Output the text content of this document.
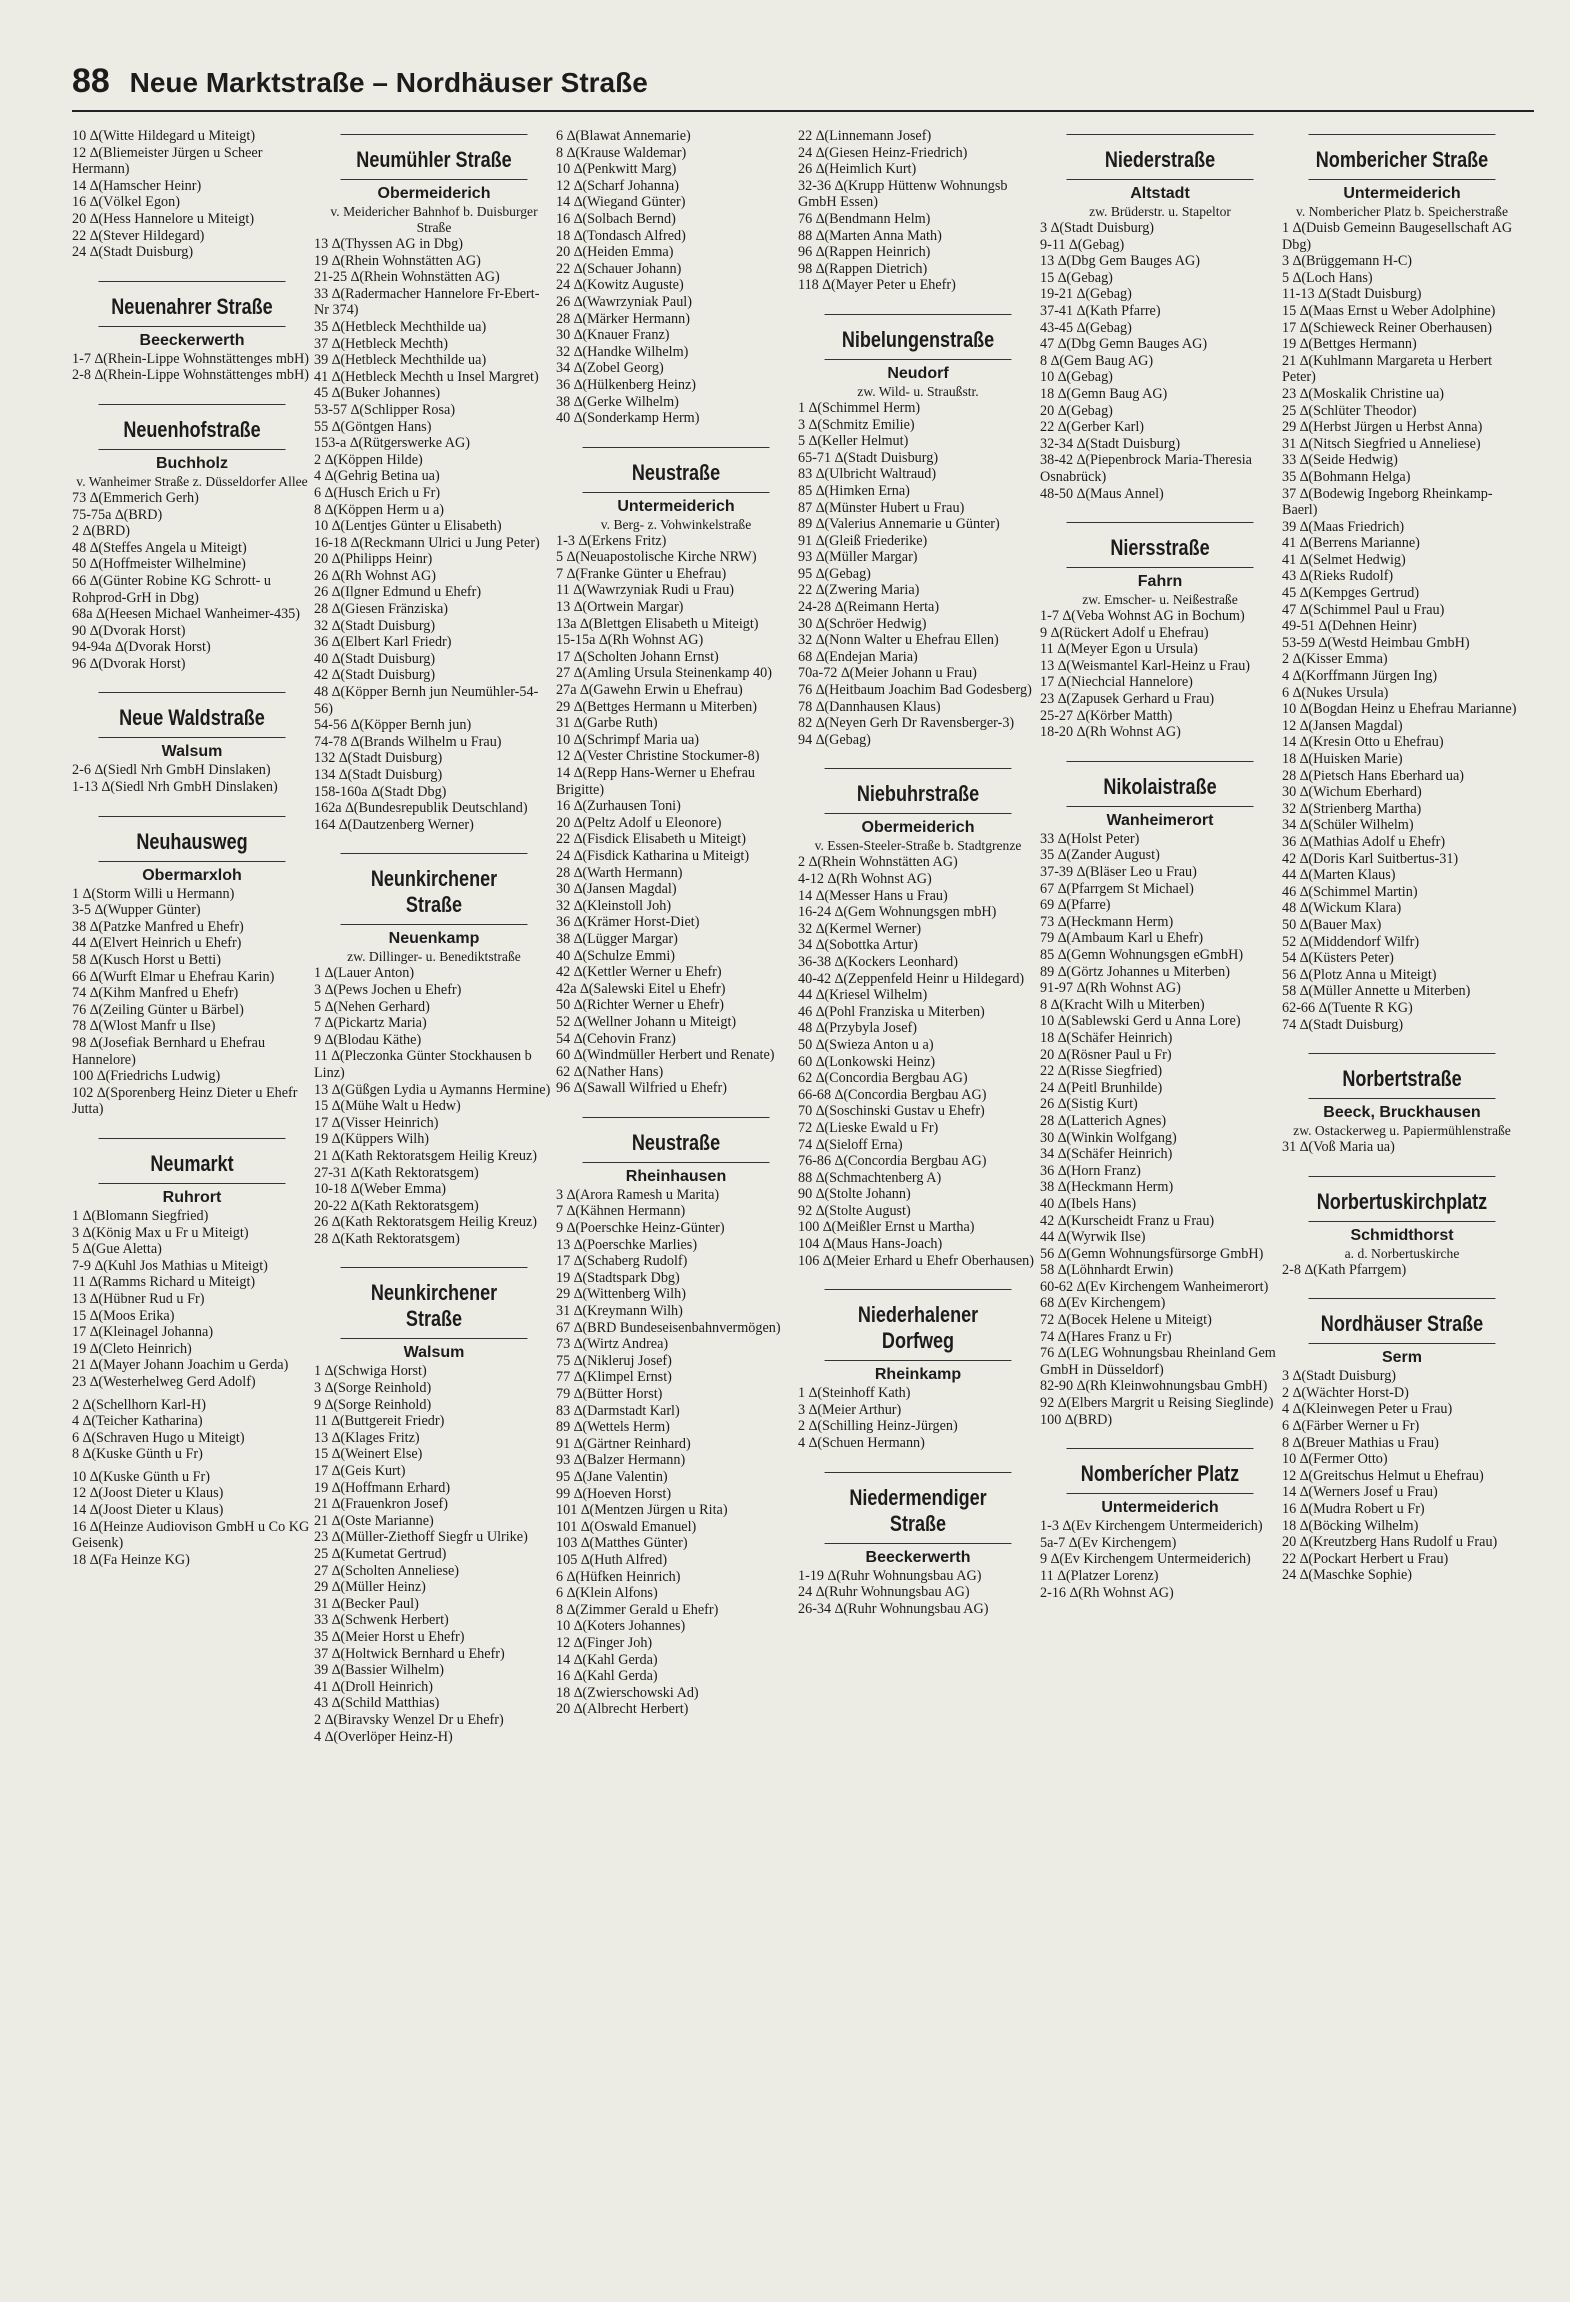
88 Neue Marktstraße – Nordhäuser Straße
10 ∆(Witte Hildegard u Miteigt)
12 ∆(Bliemeister Jürgen u Scheer Hermann)
14 ∆(Hamscher Heinr)
16 ∆(Völkel Egon)
20 ∆(Hess Hannelore u Miteigt)
22 ∆(Stever Hildegard)
24 ∆(Stadt Duisburg)
Neuenahrer Straße
Beeckerwerth
1-7 ∆(Rhein-Lippe Wohnstättenges mbH)
2-8 ∆(Rhein-Lippe Wohnstättenges mbH)
Neuenhofstraße
Buchholz
v. Wanheimer Straße z. Düsseldorfer Allee
73 ∆(Emmerich Gerh)
75-75a ∆(BRD)
2 ∆(BRD)
48 ∆(Steffes Angela u Miteigt)
50 ∆(Hoffmeister Wilhelmine)
66 ∆(Günter Robine KG Schrott- u Rohprod-GrH in Dbg)
68a ∆(Heesen Michael Wanheimer-435)
90 ∆(Dvorak Horst)
94-94a ∆(Dvorak Horst)
96 ∆(Dvorak Horst)
Neue Waldstraße
Walsum
2-6 ∆(Siedl Nrh GmbH Dinslaken)
1-13 ∆(Siedl Nrh GmbH Dinslaken)
Neuhausweg
Obermarxloh
1 ∆(Storm Willi u Hermann)
3-5 ∆(Wupper Günter)
38 ∆(Patzke Manfred u Ehefr)
44 ∆(Elvert Heinrich u Ehefr)
58 ∆(Kusch Horst u Betti)
66 ∆(Wurft Elmar u Ehefrau Karin)
74 ∆(Kihm Manfred u Ehefr)
76 ∆(Zeiling Günter u Bärbel)
78 ∆(Wlost Manfr u Ilse)
98 ∆(Josefiak Bernhard u Ehefrau Hannelore)
100 ∆(Friedrichs Ludwig)
102 ∆(Sporenberg Heinz Dieter u Ehefr Jutta)
Neumarkt
Ruhrort
1 ∆(Blomann Siegfried)
3 ∆(König Max u Fr u Miteigt)
5 ∆(Gue Aletta)
7-9 ∆(Kuhl Jos Mathias u Miteigt)
11 ∆(Ramms Richard u Miteigt)
13 ∆(Hübner Rud u Fr)
15 ∆(Moos Erika)
17 ∆(Kleinagel Johanna)
19 ∆(Cleto Heinrich)
21 ∆(Mayer Johann Joachim u Gerda)
23 ∆(Westerhelweg Gerd Adolf)
2 ∆(Schellhorn Karl-H)
4 ∆(Teicher Katharina)
6 ∆(Schraven Hugo u Miteigt)
8 ∆(Kuske Günth u Fr)
10 ∆(Kuske Günth u Fr)
12 ∆(Joost Dieter u Klaus)
14 ∆(Joost Dieter u Klaus)
16 ∆(Heinze Audiovison GmbH u Co KG Geisenk)
18 ∆(Fa Heinze KG)
Neumühler Straße
Obermeiderich
v. Meidericher Bahnhof b. Duisburger Straße
13 ∆(Thyssen AG in Dbg)
19 ∆(Rhein Wohnstätten AG)
21-25 ∆(Rhein Wohnstätten AG)
33 ∆(Radermacher Hannelore Fr-Ebert-Nr 374)
35 ∆(Hetbleck Mechthilde ua)
37 ∆(Hetbleck Mechth)
39 ∆(Hetbleck Mechthilde ua)
41 ∆(Hetbleck Mechth u Insel Margret)
45 ∆(Buker Johannes)
53-57 ∆(Schlipper Rosa)
55 ∆(Göntgen Hans)
153-a ∆(Rütgerswerke AG)
2 ∆(Köppen Hilde)
4 ∆(Gehrig Betina ua)
6 ∆(Husch Erich u Fr)
8 ∆(Köppen Herm u a)
10 ∆(Lentjes Günter u Elisabeth)
16-18 ∆(Reckmann Ulrici u Jung Peter)
20 ∆(Philipps Heinr)
26 ∆(Rh Wohnst AG)
26 ∆(Ilgner Edmund u Ehefr)
28 ∆(Giesen Fränziska)
32 ∆(Stadt Duisburg)
36 ∆(Elbert Karl Friedr)
40 ∆(Stadt Duisburg)
42 ∆(Stadt Duisburg)
48 ∆(Köpper Bernh jun Neumühler-54-56)
54-56 ∆(Köpper Bernh jun)
74-78 ∆(Brands Wilhelm u Frau)
132 ∆(Stadt Duisburg)
134 ∆(Stadt Duisburg)
158-160a ∆(Stadt Dbg)
162a ∆(Bundesrepublik Deutschland)
164 ∆(Dautzenberg Werner)
Neunkirchener Straße
Neuenkamp
zw. Dillinger- u. Benediktstraße
1 ∆(Lauer Anton)
3 ∆(Pews Jochen u Ehefr)
5 ∆(Nehen Gerhard)
7 ∆(Pickartz Maria)
9 ∆(Blodau Käthe)
11 ∆(Pleczonka Günter Stockhausen b Linz)
13 ∆(Güßgen Lydia u Aymanns Hermine)
15 ∆(Mühe Walt u Hedw)
17 ∆(Visser Heinrich)
19 ∆(Küppers Wilh)
21 ∆(Kath Rektoratsgem Heilig Kreuz)
27-31 ∆(Kath Rektoratsgem)
10-18 ∆(Weber Emma)
20-22 ∆(Kath Rektoratsgem)
26 ∆(Kath Rektoratsgem Heilig Kreuz)
28 ∆(Kath Rektoratsgem)
Neunkirchener Straße
Walsum
1 ∆(Schwiga Horst)
3 ∆(Sorge Reinhold)
9 ∆(Sorge Reinhold)
11 ∆(Buttgereit Friedr)
13 ∆(Klages Fritz)
15 ∆(Weinert Else)
17 ∆(Geis Kurt)
19 ∆(Hoffmann Erhard)
21 ∆(Frauenkron Josef)
21 ∆(Oste Marianne)
23 ∆(Müller-Ziethoff Siegfr u Ulrike)
25 ∆(Kumetat Gertrud)
27 ∆(Scholten Anneliese)
29 ∆(Müller Heinz)
31 ∆(Becker Paul)
33 ∆(Schwenk Herbert)
35 ∆(Meier Horst u Ehefr)
37 ∆(Holtwick Bernhard u Ehefr)
39 ∆(Bassier Wilhelm)
41 ∆(Droll Heinrich)
43 ∆(Schild Matthias)
2 ∆(Biravsky Wenzel Dr u Ehefr)
4 ∆(Overlöper Heinz-H)
6 ∆(Blawat Annemarie)
8 ∆(Krause Waldemar)
10 ∆(Penkwitt Marg)
12 ∆(Scharf Johanna)
14 ∆(Wiegand Günter)
16 ∆(Solbach Bernd)
18 ∆(Tondasch Alfred)
20 ∆(Heiden Emma)
22 ∆(Schauer Johann)
24 ∆(Kowitz Auguste)
26 ∆(Wawrzyniak Paul)
28 ∆(Märker Hermann)
30 ∆(Knauer Franz)
32 ∆(Handke Wilhelm)
34 ∆(Zobel Georg)
36 ∆(Hülkenberg Heinz)
38 ∆(Gerke Wilhelm)
40 ∆(Sonderkamp Herm)
Neustraße
Untermeiderich
v. Berg- z. Vohwinkelstraße
1-3 ∆(Erkens Fritz)
5 ∆(Neuapostolische Kirche NRW)
7 ∆(Franke Günter u Ehefrau)
11 ∆(Wawrzyniak Rudi u Frau)
13 ∆(Ortwein Margar)
13a ∆(Blettgen Elisabeth u Miteigt)
15-15a ∆(Rh Wohnst AG)
17 ∆(Scholten Johann Ernst)
27 ∆(Amling Ursula Steinenkamp 40)
27a ∆(Gawehn Erwin u Ehefrau)
29 ∆(Bettges Hermann u Miterben)
31 ∆(Garbe Ruth)
10 ∆(Schrimpf Maria ua)
12 ∆(Vester Christine Stockumer-8)
14 ∆(Repp Hans-Werner u Ehefrau Brigitte)
16 ∆(Zurhausen Toni)
20 ∆(Peltz Adolf u Eleonore)
22 ∆(Fisdick Elisabeth u Miteigt)
24 ∆(Fisdick Katharina u Miteigt)
28 ∆(Warth Hermann)
30 ∆(Jansen Magdal)
32 ∆(Kleinstoll Joh)
36 ∆(Krämer Horst-Diet)
38 ∆(Lügger Margar)
40 ∆(Schulze Emmi)
42 ∆(Kettler Werner u Ehefr)
42a ∆(Salewski Eitel u Ehefr)
50 ∆(Richter Werner u Ehefr)
52 ∆(Wellner Johann u Miteigt)
54 ∆(Cehovin Franz)
60 ∆(Windmüller Herbert und Renate)
62 ∆(Nather Hans)
96 ∆(Sawall Wilfried u Ehefr)
Neustraße
Rheinhausen
3 ∆(Arora Ramesh u Marita)
7 ∆(Kähnen Hermann)
9 ∆(Poerschke Heinz-Günter)
13 ∆(Poerschke Marlies)
17 ∆(Schaberg Rudolf)
19 ∆(Stadtspark Dbg)
29 ∆(Wittenberg Wilh)
31 ∆(Kreymann Wilh)
67 ∆(BRD Bundeseisenbahnvermögen)
73 ∆(Wirtz Andrea)
75 ∆(Nikleruj Josef)
77 ∆(Klimpel Ernst)
79 ∆(Bütter Horst)
83 ∆(Darmstadt Karl)
89 ∆(Wettels Herm)
91 ∆(Gärtner Reinhard)
93 ∆(Balzer Hermann)
95 ∆(Jane Valentin)
99 ∆(Hoeven Horst)
101 ∆(Mentzen Jürgen u Rita)
101 ∆(Oswald Emanuel)
103 ∆(Matthes Günter)
105 ∆(Huth Alfred)
6 ∆(Hüfken Heinrich)
6 ∆(Klein Alfons)
8 ∆(Zimmer Gerald u Ehefr)
10 ∆(Koters Johannes)
12 ∆(Finger Joh)
14 ∆(Kahl Gerda)
16 ∆(Kahl Gerda)
18 ∆(Zwierschowski Ad)
20 ∆(Albrecht Herbert)
22 ∆(Linnemann Josef)
24 ∆(Giesen Heinz-Friedrich)
26 ∆(Heimlich Kurt)
32-36 ∆(Krupp Hüttenw Wohnungsb GmbH Essen)
76 ∆(Bendmann Helm)
88 ∆(Marten Anna Math)
96 ∆(Rappen Heinrich)
98 ∆(Rappen Dietrich)
118 ∆(Mayer Peter u Ehefr)
Nibelungenstraße
Neudorf
zw. Wild- u. Straußstr.
1 ∆(Schimmel Herm)
3 ∆(Schmitz Emilie)
5 ∆(Keller Helmut)
65-71 ∆(Stadt Duisburg)
83 ∆(Ulbricht Waltraud)
85 ∆(Himken Erna)
87 ∆(Münster Hubert u Frau)
89 ∆(Valerius Annemarie u Günter)
91 ∆(Gleiß Friederike)
93 ∆(Müller Margar)
95 ∆(Gebag)
22 ∆(Zwering Maria)
24-28 ∆(Reimann Herta)
30 ∆(Schröer Hedwig)
32 ∆(Nonn Walter u Ehefrau Ellen)
68 ∆(Endejan Maria)
70a-72 ∆(Meier Johann u Frau)
76 ∆(Heitbaum Joachim Bad Godesberg)
78 ∆(Dannhausen Klaus)
82 ∆(Neyen Gerh Dr Ravensberger-3)
94 ∆(Gebag)
Niebuhrstraße
Obermeiderich
v. Essen-Steeler-Straße b. Stadtgrenze
2 ∆(Rhein Wohnstätten AG)
4-12 ∆(Rh Wohnst AG)
14 ∆(Messer Hans u Frau)
16-24 ∆(Gem Wohnungsgen mbH)
32 ∆(Kermel Werner)
34 ∆(Sobottka Artur)
36-38 ∆(Kockers Leonhard)
40-42 ∆(Zeppenfeld Heinr u Hildegard)
44 ∆(Kriesel Wilhelm)
46 ∆(Pohl Franziska u Miterben)
48 ∆(Przybyla Josef)
50 ∆(Swieza Anton u a)
60 ∆(Lonkowski Heinz)
62 ∆(Concordia Bergbau AG)
66-68 ∆(Concordia Bergbau AG)
70 ∆(Soschinski Gustav u Ehefr)
72 ∆(Lieske Ewald u Fr)
74 ∆(Sieloff Erna)
76-86 ∆(Concordia Bergbau AG)
88 ∆(Schmachtenberg A)
90 ∆(Stolte Johann)
92 ∆(Stolte August)
100 ∆(Meißler Ernst u Martha)
104 ∆(Maus Hans-Joach)
106 ∆(Meier Erhard u Ehefr Oberhausen)
Niederhalener Dorfweg
Rheinkamp
1 ∆(Steinhoff Kath)
3 ∆(Meier Arthur)
2 ∆(Schilling Heinz-Jürgen)
4 ∆(Schuen Hermann)
Niedermendiger Straße
Beeckerwerth
1-19 ∆(Ruhr Wohnungsbau AG)
24 ∆(Ruhr Wohnungsbau AG)
26-34 ∆(Ruhr Wohnungsbau AG)
Niederstraße
Altstadt
zw. Brüderstr. u. Stapeltor
3 ∆(Stadt Duisburg)
9-11 ∆(Gebag)
13 ∆(Dbg Gem Bauges AG)
15 ∆(Gebag)
19-21 ∆(Gebag)
37-41 ∆(Kath Pfarre)
43-45 ∆(Gebag)
47 ∆(Dbg Gemn Bauges AG)
8 ∆(Gem Baug AG)
10 ∆(Gebag)
18 ∆(Gemn Baug AG)
20 ∆(Gebag)
22 ∆(Gerber Karl)
32-34 ∆(Stadt Duisburg)
38-42 ∆(Piepenbrock Maria-Theresia Osnabrück)
48-50 ∆(Maus Annel)
Niersstraße
Fahrn
zw. Emscher- u. Neißestraße
1-7 ∆(Veba Wohnst AG in Bochum)
9 ∆(Rückert Adolf u Ehefrau)
11 ∆(Meyer Egon u Ursula)
13 ∆(Weismantel Karl-Heinz u Frau)
17 ∆(Niechcial Hannelore)
23 ∆(Zapusek Gerhard u Frau)
25-27 ∆(Körber Matth)
18-20 ∆(Rh Wohnst AG)
Nikolaistraße
Wanheimerort
33 ∆(Holst Peter)
35 ∆(Zander August)
37-39 ∆(Bläser Leo u Frau)
67 ∆(Pfarrgem St Michael)
69 ∆(Pfarre)
73 ∆(Heckmann Herm)
79 ∆(Ambaum Karl u Ehefr)
85 ∆(Gemn Wohnungsgen eGmbH)
89 ∆(Görtz Johannes u Miterben)
91-97 ∆(Rh Wohnst AG)
8 ∆(Kracht Wilh u Miterben)
10 ∆(Sablewski Gerd u Anna Lore)
18 ∆(Schäfer Heinrich)
20 ∆(Rösner Paul u Fr)
22 ∆(Risse Siegfried)
24 ∆(Peitl Brunhilde)
26 ∆(Sistig Kurt)
28 ∆(Latterich Agnes)
30 ∆(Winkin Wolfgang)
34 ∆(Schäfer Heinrich)
36 ∆(Horn Franz)
38 ∆(Heckmann Herm)
40 ∆(Ibels Hans)
42 ∆(Kurscheidt Franz u Frau)
44 ∆(Wyrwik Ilse)
56 ∆(Gemn Wohnungsfürsorge GmbH)
58 ∆(Löhnhardt Erwin)
60-62 ∆(Ev Kirchengem Wanheimerort)
68 ∆(Ev Kirchengem)
72 ∆(Bocek Helene u Miteigt)
74 ∆(Hares Franz u Fr)
76 ∆(LEG Wohnungsbau Rheinland Gem GmbH in Düsseldorf)
82-90 ∆(Rh Kleinwohnungsbau GmbH)
92 ∆(Elbers Margrit u Reising Sieglinde)
100 ∆(BRD)
Nomberícher Platz
Untermeiderich
1-3 ∆(Ev Kirchengem Untermeiderich)
5a-7 ∆(Ev Kirchengem)
9 ∆(Ev Kirchengem Untermeiderich)
11 ∆(Platzer Lorenz)
2-16 ∆(Rh Wohnst AG)
Nombericher Straße
Untermeiderich
v. Nombericher Platz b. Speicherstraße
1 ∆(Duisb Gemeinn Baugesellschaft AG Dbg)
3 ∆(Brüggemann H-C)
5 ∆(Loch Hans)
11-13 ∆(Stadt Duisburg)
15 ∆(Maas Ernst u Weber Adolphine)
17 ∆(Schieweck Reiner Oberhausen)
19 ∆(Bettges Hermann)
21 ∆(Kuhlmann Margareta u Herbert Peter)
23 ∆(Moskalik Christine ua)
25 ∆(Schlüter Theodor)
29 ∆(Herbst Jürgen u Herbst Anna)
31 ∆(Nitsch Siegfried u Anneliese)
33 ∆(Seide Hedwig)
35 ∆(Bohmann Helga)
37 ∆(Bodewig Ingeborg Rheinkamp-Baerl)
39 ∆(Maas Friedrich)
41 ∆(Berrens Marianne)
41 ∆(Selmet Hedwig)
43 ∆(Rieks Rudolf)
45 ∆(Kempges Gertrud)
47 ∆(Schimmel Paul u Frau)
49-51 ∆(Dehnen Heinr)
53-59 ∆(Westd Heimbau GmbH)
2 ∆(Kisser Emma)
4 ∆(Korffmann Jürgen Ing)
6 ∆(Nukes Ursula)
10 ∆(Bogdan Heinz u Ehefrau Marianne)
12 ∆(Jansen Magdal)
14 ∆(Kresin Otto u Ehefrau)
18 ∆(Huisken Marie)
28 ∆(Pietsch Hans Eberhard ua)
30 ∆(Wichum Eberhard)
32 ∆(Strienberg Martha)
34 ∆(Schüler Wilhelm)
36 ∆(Mathias Adolf u Ehefr)
42 ∆(Doris Karl Suitbertus-31)
44 ∆(Marten Klaus)
46 ∆(Schimmel Martin)
48 ∆(Wickum Klara)
50 ∆(Bauer Max)
52 ∆(Middendorf Wilfr)
54 ∆(Küsters Peter)
56 ∆(Plotz Anna u Miteigt)
58 ∆(Müller Annette u Miterben)
62-66 ∆(Tuente R KG)
74 ∆(Stadt Duisburg)
Norbertstraße
Beeck, Bruckhausen
zw. Ostackerweg u. Papiermühlenstraße
31 ∆(Voß Maria ua)
Norbertuskirchplatz
Schmidthorst
a. d. Norbertuskirche
2-8 ∆(Kath Pfarrgem)
Nordhäuser Straße
Serm
3 ∆(Stadt Duisburg)
2 ∆(Wächter Horst-D)
4 ∆(Kleinwegen Peter u Frau)
6 ∆(Färber Werner u Fr)
8 ∆(Breuer Mathias u Frau)
10 ∆(Fermer Otto)
12 ∆(Greitschus Helmut u Ehefrau)
14 ∆(Werners Josef u Frau)
16 ∆(Mudra Robert u Fr)
18 ∆(Böcking Wilhelm)
20 ∆(Kreutzberg Hans Rudolf u Frau)
22 ∆(Pockart Herbert u Frau)
24 ∆(Maschke Sophie)
